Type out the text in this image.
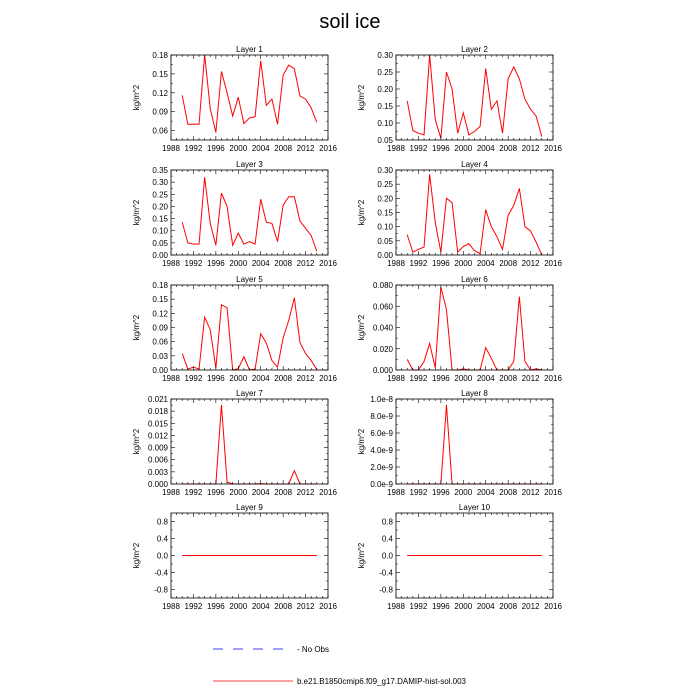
soil ice
Layer 1
1988 1992 1996 2000 2004 2008 2012 2016
0.06
0.09
0.12
0.15
0.18
kg/m^2
Layer 2
1988 1992 1996 2000 2004 2008 2012 2016
0.05
0.10
0.15
0.20
0.25
0.30
kg/m^2
Layer 3
1988 1992 1996 2000 2004 2008 2012 2016
0.00
0.05
0.10
0.15
0.20
0.25
0.30
0.35
kg/m^2
Layer 4
1988 1992 1996 2000 2004 2008 2012 2016
0.00
0.05
0.10
0.15
0.20
0.25
0.30
kg/m^2
Layer 5
1988 1992 1996 2000 2004 2008 2012 2016
0.00
0.03
0.06
0.09
0.12
0.15
0.18
kg/m^2
Layer 6
1988 1992 1996 2000 2004 2008 2012 2016
0.000
0.020
0.040
0.060
0.080
kg/m^2
Layer 7
1988 1992 1996 2000 2004 2008 2012 2016
0.000
0.003
0.006
0.009
0.012
0.015
0.018
0.021
kg/m^2
Layer 8
1988 1992 1996 2000 2004 2008 2012 2016
0.0e-9
2.0e-9
4.0e-9
6.0e-9
8.0e-9
1.0e-8
kg/m^2
Layer 9
1988 1992 1996 2000 2004 2008 2012 2016
-0.8
-0.4
0.0
0.4
0.8
kg/m^2
Layer 10
1988 1992 1996 2000 2004 2008 2012 2016
-0.8
-0.4
0.0
0.4
0.8
kg/m^2
- No Obs
b.e21.B1850cmip6.f09_g17.DAMIP-hist-sol.003
